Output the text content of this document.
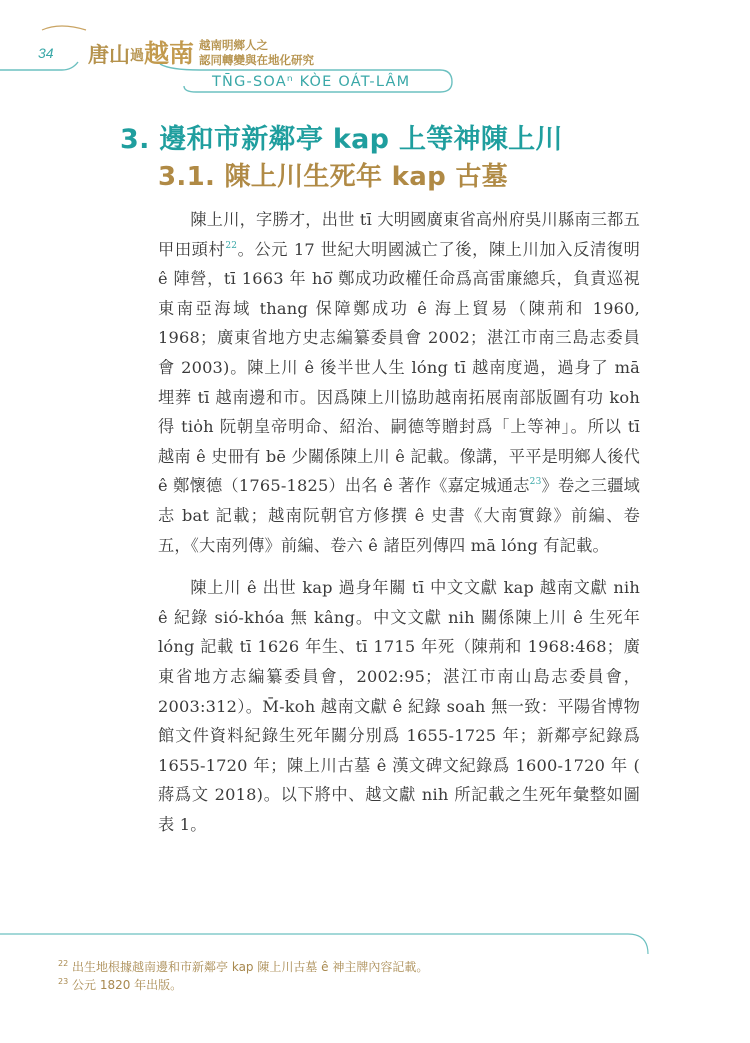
34 唐山過越南 越南明鄉人之
認同轉變與在地化研究
TN̄G-SOAⁿ KÒE OÁT-LÂM
3. 邊和市新鄰亭 kap 上等神陳上川
3.1. 陳上川生死年 kap 古墓

陳上川，字勝才，出世 tī 大明國廣東省高州府吳川縣南三都五甲田頭村$^{22}$。公元 17 世紀大明國滅亡了後，陳上川加入反清復明 ê 陣營，tī 1663 年 hō͘ 鄭成功政權任命爲高雷廉總兵，負責巡視東南亞海域 thang 保障鄭成功 ê 海上貿易（陳荊和 1960, 1968；廣東省地方史志編纂委員會 2002；湛江市南三島志委員會 2003)。陳上川 ê 後半世人生 lóng tī 越南度過，過身了 mā 埋葬 tī 越南邊和市。因爲陳上川協助越南拓展南部版圖有功 koh 得 tio̍h 阮朝皇帝明命、紹治、嗣德等贈封爲「上等神」。所以 tī 越南 ê 史冊有 bē 少關係陳上川 ê 記載。像講，平平是明鄉人後代 ê 鄭懷德（1765-1825）出名 ê 著作《嘉定城通志$^{23}$》卷之三疆域志 bat 記載；越南阮朝官方修撰 ê 史書《大南實錄》前編、卷五，《大南列傳》前編、卷六 ê 諸臣列傳四 mā lóng 有記載。

陳上川 ê 出世 kap 過身年關 tī 中文文獻 kap 越南文獻 nih ê 紀錄 sió-khóa 無 kâng。中文文獻 nih 關係陳上川 ê 生死年 lóng 記載 tī 1626 年生、tī 1715 年死（陳荊和 1968:468；廣東省地方志編纂委員會，2002:95；湛江市南山島志委員會，2003:312）。M̄-koh 越南文獻 ê 紀錄 soah 無一致：平陽省博物館文件資料紀錄生死年關分別爲 1655-1725 年；新鄰亭紀錄爲 1655-1720 年；陳上川古墓 ê 漢文碑文紀錄爲 1600-1720 年 ( 蔣爲文 2018)。以下將中、越文獻 nih 所記載之生死年彙整如圖表 1。

$^{22}$ 出生地根據越南邊和市新鄰亭 kap 陳上川古墓 ê 神主牌內容記載。
$^{23}$ 公元 1820 年出版。
